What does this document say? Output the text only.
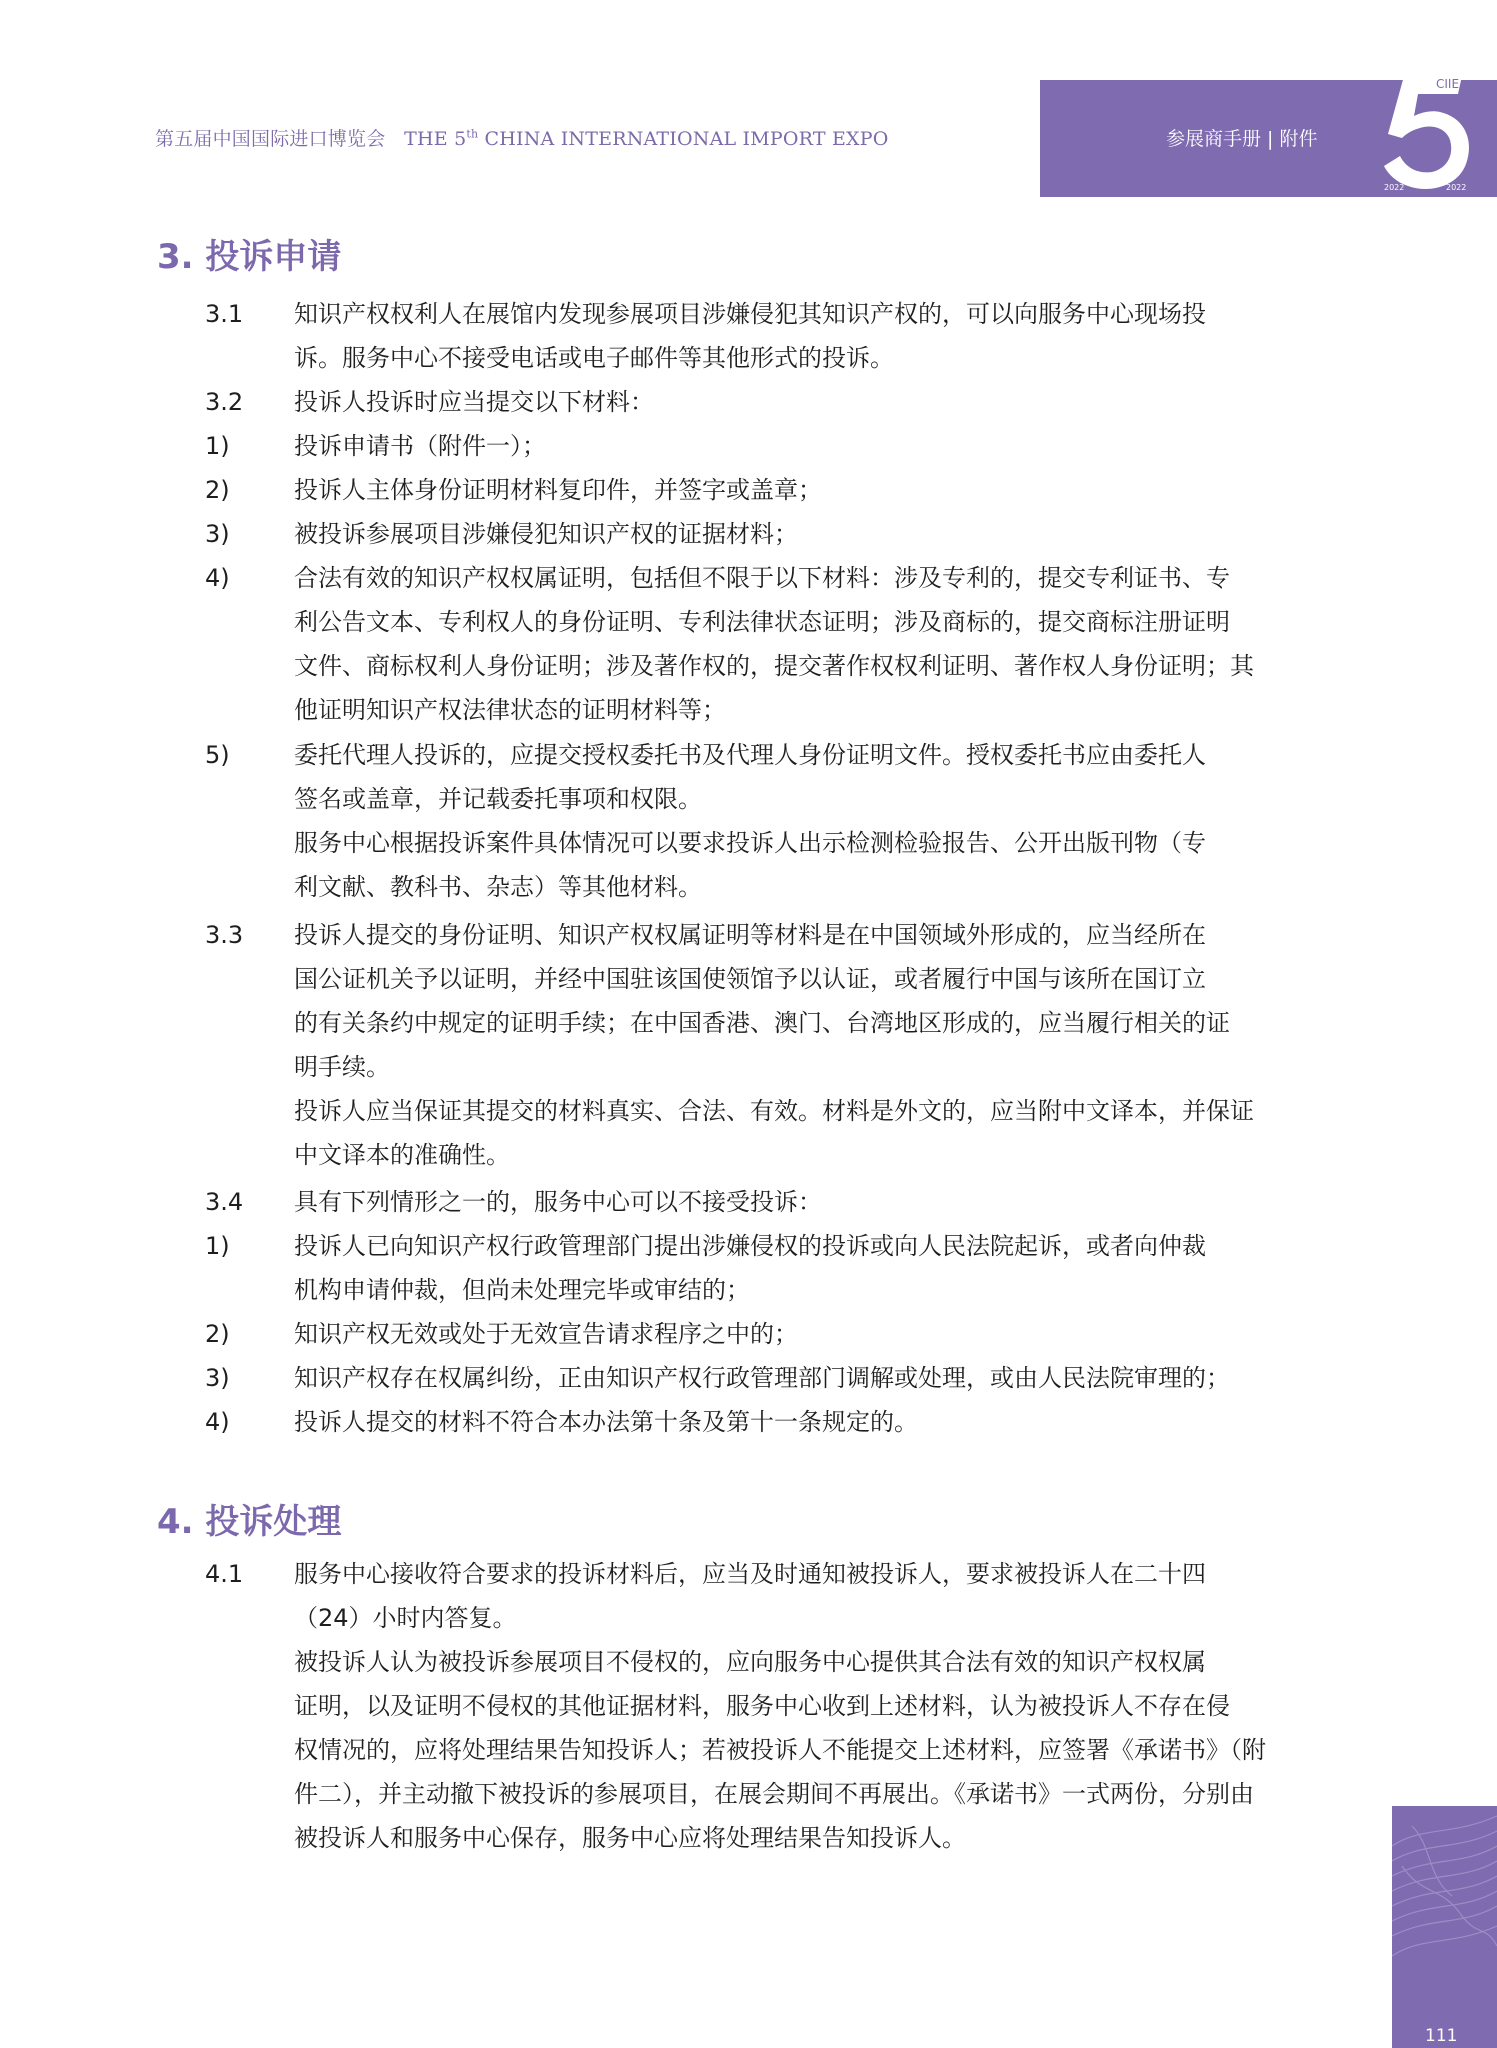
第五届中国国际进口博览会 THE 5th CHINA INTERNATIONAL IMPORT EXPO	参展商手册 | 附件
CIIE
2022	2022
3. 投诉申请
3.1	知识产权权利人在展馆内发现参展项目涉嫌侵犯其知识产权的，可以向服务中心现场投
诉。服务中心不接受电话或电子邮件等其他形式的投诉。
3.2	投诉人投诉时应当提交以下材料：
1)	投诉申请书（附件一）；
2)	投诉人主体身份证明材料复印件，并签字或盖章；
3)	被投诉参展项目涉嫌侵犯知识产权的证据材料；
4)	合法有效的知识产权权属证明，包括但不限于以下材料：涉及专利的，提交专利证书、专
利公告文本、专利权人的身份证明、专利法律状态证明；涉及商标的，提交商标注册证明
文件、商标权利人身份证明；涉及著作权的，提交著作权权利证明、著作权人身份证明；其
他证明知识产权法律状态的证明材料等；
5)	委托代理人投诉的，应提交授权委托书及代理人身份证明文件。授权委托书应由委托人
签名或盖章，并记载委托事项和权限。
服务中心根据投诉案件具体情况可以要求投诉人出示检测检验报告、公开出版刊物（专
利文献、教科书、杂志）等其他材料。
3.3	投诉人提交的身份证明、知识产权权属证明等材料是在中国领域外形成的，应当经所在
国公证机关予以证明，并经中国驻该国使领馆予以认证，或者履行中国与该所在国订立
的有关条约中规定的证明手续；在中国香港、澳门、台湾地区形成的，应当履行相关的证
明手续。
投诉人应当保证其提交的材料真实、合法、有效。材料是外文的，应当附中文译本，并保证
中文译本的准确性。
3.4	具有下列情形之一的，服务中心可以不接受投诉：
1)	投诉人已向知识产权行政管理部门提出涉嫌侵权的投诉或向人民法院起诉，或者向仲裁
机构申请仲裁，但尚未处理完毕或审结的；
2)	知识产权无效或处于无效宣告请求程序之中的；
3)	知识产权存在权属纠纷，正由知识产权行政管理部门调解或处理，或由人民法院审理的；
4)	投诉人提交的材料不符合本办法第十条及第十一条规定的。
4. 投诉处理
4.1	服务中心接收符合要求的投诉材料后，应当及时通知被投诉人，要求被投诉人在二十四
（24）小时内答复。
被投诉人认为被投诉参展项目不侵权的，应向服务中心提供其合法有效的知识产权权属
证明，以及证明不侵权的其他证据材料，服务中心收到上述材料，认为被投诉人不存在侵
权情况的，应将处理结果告知投诉人；若被投诉人不能提交上述材料，应签署《承诺书》（附
件二），并主动撤下被投诉的参展项目，在展会期间不再展出。《承诺书》一式两份，分别由
被投诉人和服务中心保存，服务中心应将处理结果告知投诉人。
111
